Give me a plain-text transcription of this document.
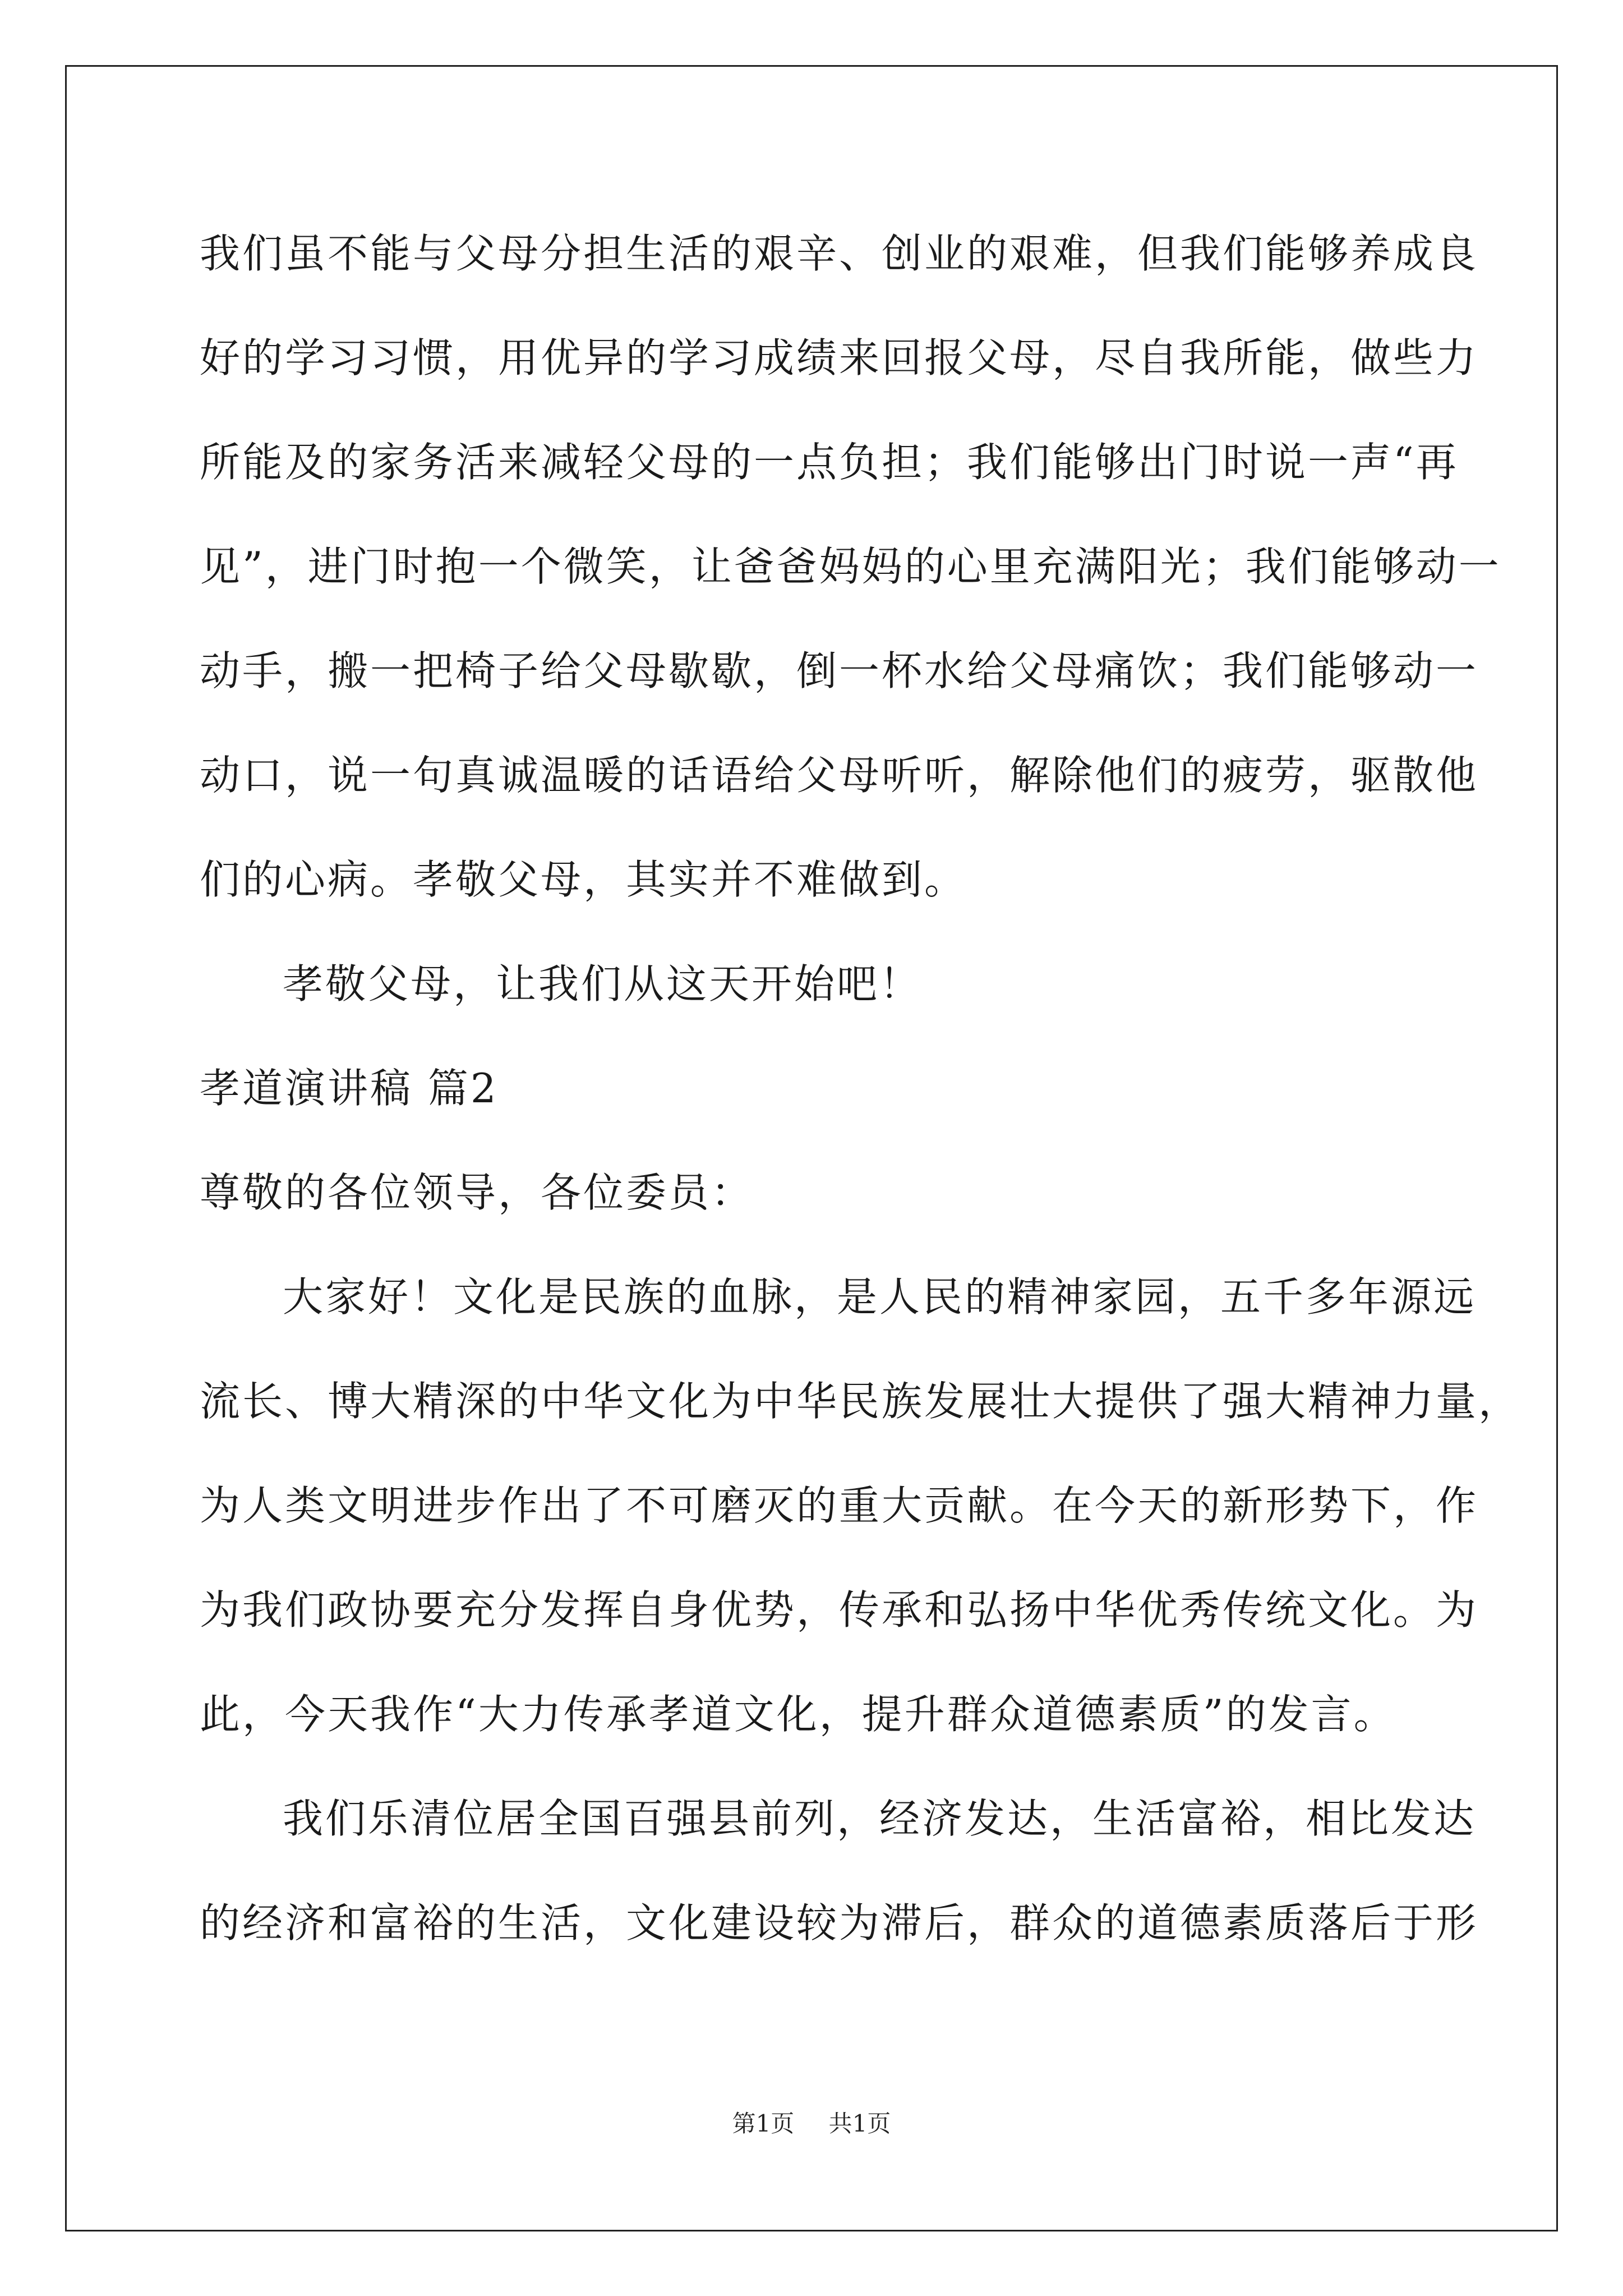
我们虽不能与父母分担生活的艰辛、创业的艰难，但我们能够养成良
好的学习习惯，用优异的学习成绩来回报父母，尽自我所能，做些力
所能及的家务活来减轻父母的一点负担；我们能够出门时说一声“再
见”，进门时抱一个微笑，让爸爸妈妈的心里充满阳光；我们能够动一
动手，搬一把椅子给父母歇歇，倒一杯水给父母痛饮；我们能够动一
动口，说一句真诚温暖的话语给父母听听，解除他们的疲劳，驱散他
们的心病。孝敬父母，其实并不难做到。
孝敬父母，让我们从这天开始吧！
孝道演讲稿 篇2
尊敬的各位领导，各位委员：
大家好！文化是民族的血脉，是人民的精神家园，五千多年源远
流长、博大精深的中华文化为中华民族发展壮大提供了强大精神力量，
为人类文明进步作出了不可磨灭的重大贡献。在今天的新形势下，作
为我们政协要充分发挥自身优势，传承和弘扬中华优秀传统文化。为
此，今天我作“大力传承孝道文化，提升群众道德素质”的发言。
我们乐清位居全国百强县前列，经济发达，生活富裕，相比发达
的经济和富裕的生活，文化建设较为滞后，群众的道德素质落后于形
第1页 共1页
